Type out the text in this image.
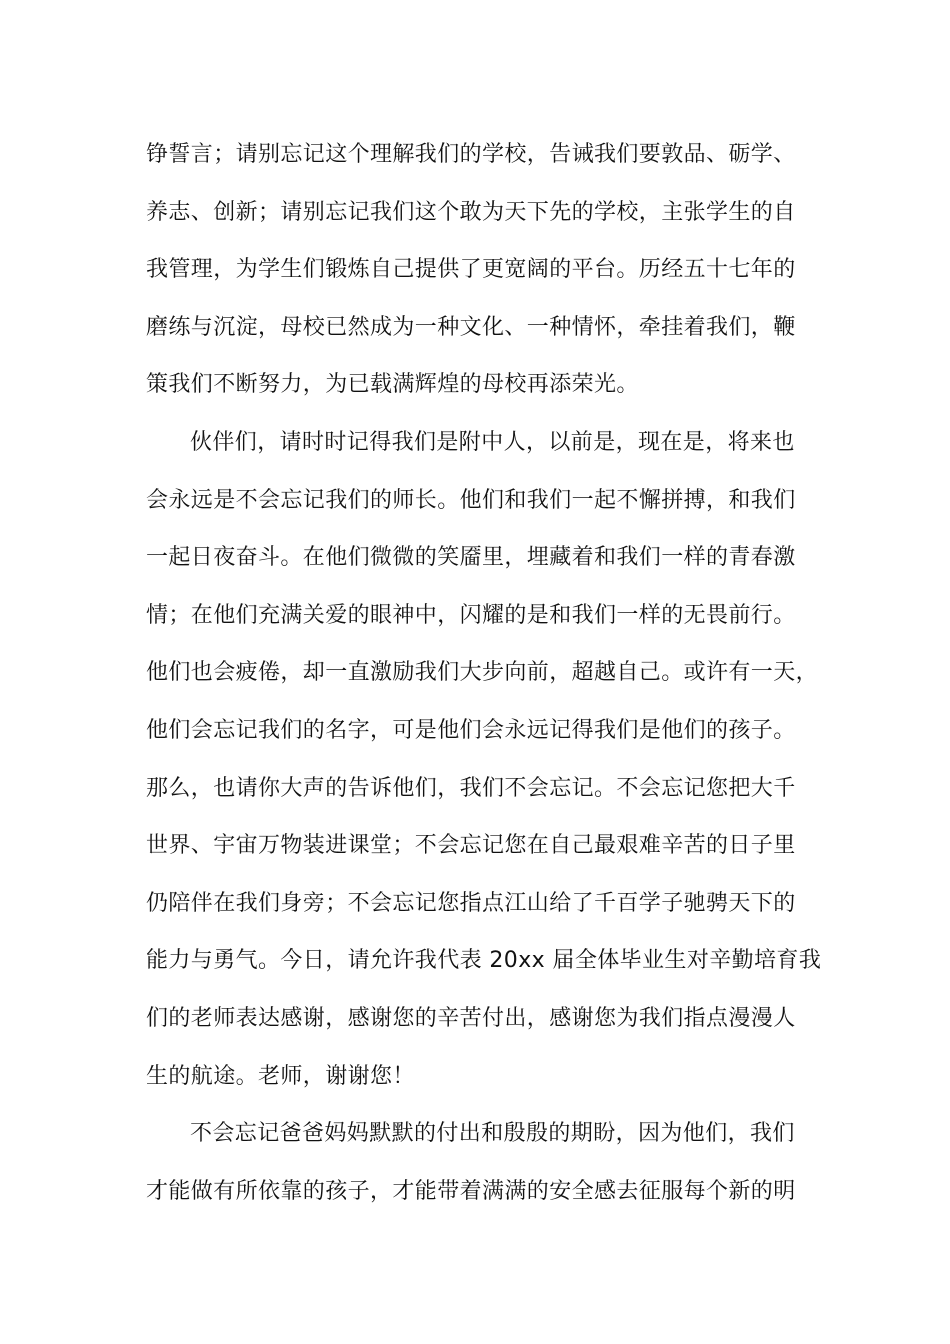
铮誓言；请别忘记这个理解我们的学校，告诫我们要敦品、砺学、
养志、创新；请别忘记我们这个敢为天下先的学校，主张学生的自
我管理，为学生们锻炼自己提供了更宽阔的平台。历经五十七年的
磨练与沉淀，母校已然成为一种文化、一种情怀，牵挂着我们，鞭
策我们不断努力，为已载满辉煌的母校再添荣光。
伙伴们，请时时记得我们是附中人，以前是，现在是，将来也
会永远是不会忘记我们的师长。他们和我们一起不懈拼搏，和我们
一起日夜奋斗。在他们微微的笑靥里，埋藏着和我们一样的青春激
情；在他们充满关爱的眼神中，闪耀的是和我们一样的无畏前行。
他们也会疲倦，却一直激励我们大步向前，超越自己。或许有一天，
他们会忘记我们的名字，可是他们会永远记得我们是他们的孩子。
那么，也请你大声的告诉他们，我们不会忘记。不会忘记您把大千
世界、宇宙万物装进课堂；不会忘记您在自己最艰难辛苦的日子里
仍陪伴在我们身旁；不会忘记您指点江山给了千百学子驰骋天下的
能力与勇气。今日，请允许我代表 20xx 届全体毕业生对辛勤培育我
们的老师表达感谢，感谢您的辛苦付出，感谢您为我们指点漫漫人
生的航途。老师，谢谢您！
不会忘记爸爸妈妈默默的付出和殷殷的期盼，因为他们，我们
才能做有所依靠的孩子，才能带着满满的安全感去征服每个新的明
